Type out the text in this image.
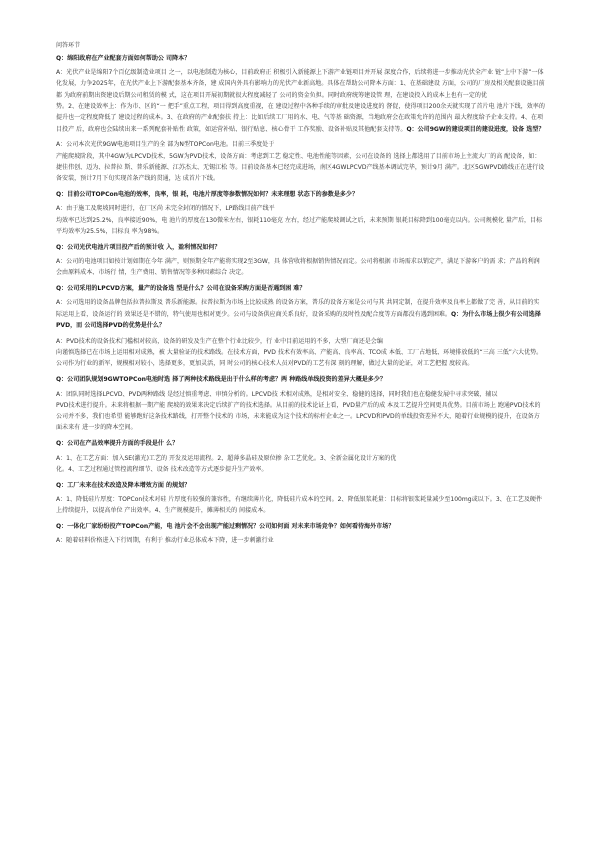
问答环节
Q：绵阳政府在产业配套方面如何帮助公 司降本？

A：光伏产业是绵阳7个百亿级制造业项目 之一，以电池制造为核心，目前政府正 积极引入新能源上下游产业链项目并开展 深度合作，后续将进一步推动光伏全产业 链“上中下游”一体化发展，力争2025年，在光伏产业上下游配套基本齐备，建 成国内外具有影响力的光伏产业新高地。具体在帮助公司降本方面：1、在基础建设 方面，公司的厂房及相关配套设施目前都 为政府前期出资建设后期公司租赁的模 式，这在项目开展初期就很大程度减轻了 公司的资金负担。同时政府统筹建设管 理，在建设投入的成本上也有一定的优

势。2、在建设效率上：作为市、区的“一 把手”重点工程，项目得到高度重视，在 建设过程中各种手续的审批及建设进度的 督促，使得项目200余天就实现了首片电 池片下线，效率的提升也一定程度降低了 建设过程的成本。3、在政府的产业配套扶 持上：比如后续工厂用的水、电、气等基 础资源，当地政府会在政策允许的范围内 最大程度给予企业支持。4、在项目投产 后，政府也会陆续出来一系列配套补贴性 政策，如运营补贴、银行贴息、核心骨干 工作奖励、设备补贴及其他配套支持等。Q：公司9GW的建设项目的建设进度，设备 选型？

A：公司本次光伏9GW电池项目生产的全 部为N型TOPCon电池。目前三季度处于

产能爬坡阶段，其中4GW为LPCVD技术，5GW为PVD技术，设备方面：考虑到工艺 稳定性、电池性能等因素，公司在设备的 选择上都选用了目前市场上主流大厂的高 配设备，如：捷佳伟创、迈为、拉普拉 斯、普乐新能源、江苏杰太、无锡江松 等。目前设备基本已经完成进场，南区4GWLPCVD产线基本调试完毕，预计9月 满产。北区5GWPVD路线正在进行设备安装，预计7月下旬实现首条产线的贯通，达 成首片下线。

Q：目前公司TOPCon电池的效率，良率，银 耗，电池片厚度等参数情况如何？未来理想 状态下的参数是多少？

A：由于施工及爬坡同时进行，在厂区尚 未完全封闭的情况下，LP路线目前产线平

均效率已达到25.2%，良率接近90%，电 池片的厚度在130微米左右，银耗110毫克 左右，经过产能爬坡调试之后，未来预期 银耗目标降到100毫克以内。公司规模化 量产后，目标平均效率为25.5%，目标良 率为98%。

Q：公司光伏电池片项目投产后的预计收 入，盈利情况如何？

A：公司的电池项目如按计划如期在今年 满产，则预期全年产能将实现2至3GW，具 体营收将根据销售情况而定。公司将根据 市场需求以销定产，满足下游客户的需 求；产品的利润会由原料成本、市场行 情，生产费用、销售情况等多种因素综合 决定。

Q：公司采用的LPCVD方案，量产的设备选 型是什么？公司在设备采购方面是否遇到困 难？

A：公司选用的设备品牌包括拉普拉斯及 普乐新能源。拉普拉斯为市场上比较成熟 的设备方案，普乐的设备方案是公司与其 共同定制，在提升效率及良率上都做了完 善，从目前的实际运用上看，设备运行的 效果还是不错的，特气使用也相对更少。公司与设备供应商关系良好，设备采购的及时性及配合度等方面都没有遇到困难。Q：为什么市场上很少有公司选择PVD，而 公司选择PVD的优势是什么？

A：PVD技术的设备技术门槛相对较高，设备的研发及生产在整个行业比较少，行 业中目前运用的不多，大型厂商还是会编

向谨慎选择已在市场上运用相对成熟，被 大量验证的技术路线。在技术方面，PVD 技术有效率高、产能高、良率高、TCO成 本低、工厂占地低、环境排放低的“三高 三低”六大优势。公司作为行业的新军，规模相对较小，选择更多，更加灵活，同 时公司的核心技术人员对PVD的工艺有深 刻的理解，做过大量的论证，对工艺把握 度较高。

Q：公司团队规划9GWTOPCon电池时选 择了两种技术路线是出于什么样的考虑？两 种路线单线投资的差异大概是多少？

A：团队同时选择LPCVD、PVD两种路线 是经过慎重考虑、审慎分析的。LPCVD技 术相对成熟，是相对安全、稳健的选择，同时我们也在稳健发展中寻求突破，辅以

PVD技术进行提升。未来将根据一期产能 爬坡的效果来决定后续扩产的技术选择。从目前的技术论证上看，PVD量产后的成 本及工艺提升空间更具优势。目前市场上 跑通PVD技术的公司并不多，我们也希望 能够跑好这条技术路线，打开整个技术的 市场，未来能成为这个技术的标杆企业之一。LPCVD和PVD的单线投资差异不大，随着行业规模的提升，在设备方面未来有 进一步的降本空间。

Q：公司在产品效率提升方面的手段是什 么？

A：1、在工艺方面：加入SE(激光)工艺的 开发及运用流程。2、超薄多晶硅及原位掺 杂工艺优化。3、全新金属化设计方案的优

化。4、工艺过程通过管控流程细节、设备 技术改造等方式逐步提升生产效率。

Q：工厂未来在技术改造及降本增效方面 的规划？

A：1、降低硅片厚度：TOPCon技术对硅 片厚度有较强的兼容性，有继续薄片化，降低硅片成本的空间。2、降低银浆耗量：目标将银浆耗量减少至100mg或以下。3、在工艺及硬件上持续提升，以提高单位 产出效率。4、生产规模提升，摊薄相关的 间接成本。

Q：一体化厂家纷纷投产TOPCon产能，电 池片会不会出现产能过剩情况？公司如何面 对未来市场竞争？如何看待海外市场？

A：随着硅料价格进入下行周期，有利于 推动行业总体成本下降，进一步刺激行业
